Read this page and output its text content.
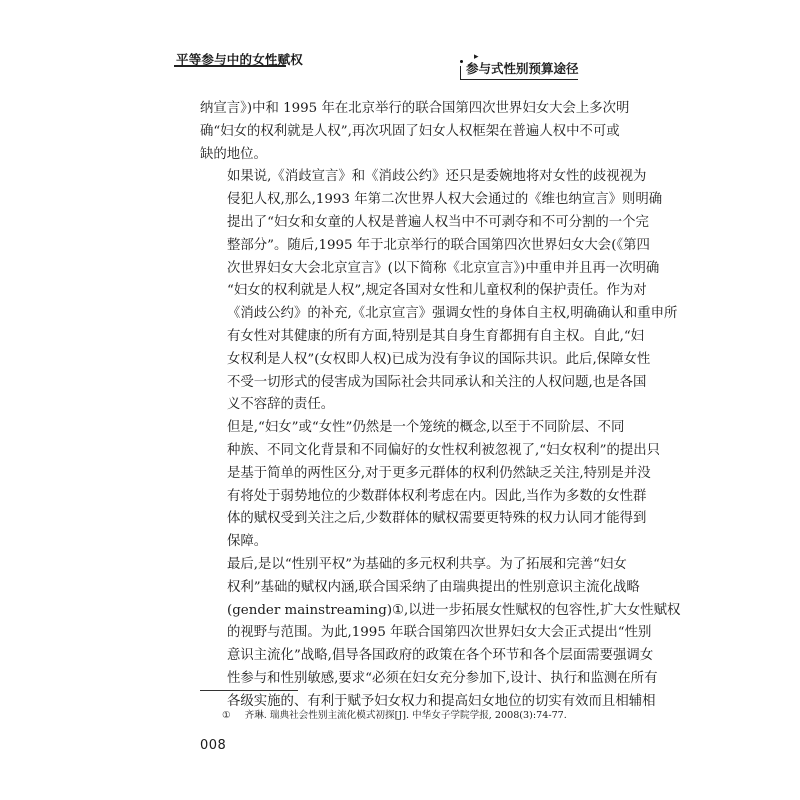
平等参与中的女性赋权	▸
参与式性别预算途径

纳宣言》)中和 1995 年在北京举行的联合国第四次世界妇女大会上多次明
确“妇女的权利就是人权”,再次巩固了妇女人权框架在普遍人权中不可或
缺的地位。

如果说,《消歧宣言》和《消歧公约》还只是委婉地将对女性的歧视视为
侵犯人权,那么,1993 年第二次世界人权大会通过的《维也纳宣言》则明确
提出了“妇女和女童的人权是普遍人权当中不可剥夺和不可分割的一个完
整部分”。随后,1995 年于北京举行的联合国第四次世界妇女大会(《第四
次世界妇女大会北京宣言》(以下简称《北京宣言》)中重申并且再一次明确
“妇女的权利就是人权”,规定各国对女性和儿童权利的保护责任。作为对
《消歧公约》的补充,《北京宣言》强调女性的身体自主权,明确确认和重申所
有女性对其健康的所有方面,特别是其自身生育都拥有自主权。自此,“妇
女权利是人权”(女权即人权)已成为没有争议的国际共识。此后,保障女性
不受一切形式的侵害成为国际社会共同承认和关注的人权问题,也是各国
义不容辞的责任。

但是,“妇女”或“女性”仍然是一个笼统的概念,以至于不同阶层、不同
种族、不同文化背景和不同偏好的女性权利被忽视了,“妇女权利”的提出只
是基于简单的两性区分,对于更多元群体的权利仍然缺乏关注,特别是并没
有将处于弱势地位的少数群体权利考虑在内。因此,当作为多数的女性群
体的赋权受到关注之后,少数群体的赋权需要更特殊的权力认同才能得到
保障。

最后,是以“性别平权”为基础的多元权利共享。为了拓展和完善“妇女
权利”基础的赋权内涵,联合国采纳了由瑞典提出的性别意识主流化战略
(gender mainstreaming)①,以进一步拓展女性赋权的包容性,扩大女性赋权
的视野与范围。为此,1995 年联合国第四次世界妇女大会正式提出“性别
意识主流化”战略,倡导各国政府的政策在各个环节和各个层面需要强调女
性参与和性别敏感,要求“必须在妇女充分参加下,设计、执行和监测在所有
各级实施的、有利于赋予妇女权力和提高妇女地位的切实有效而且相辅相

① 齐琳. 瑞典社会性别主流化模式初探[J]. 中华女子学院学报, 2008(3):74-77.
008
